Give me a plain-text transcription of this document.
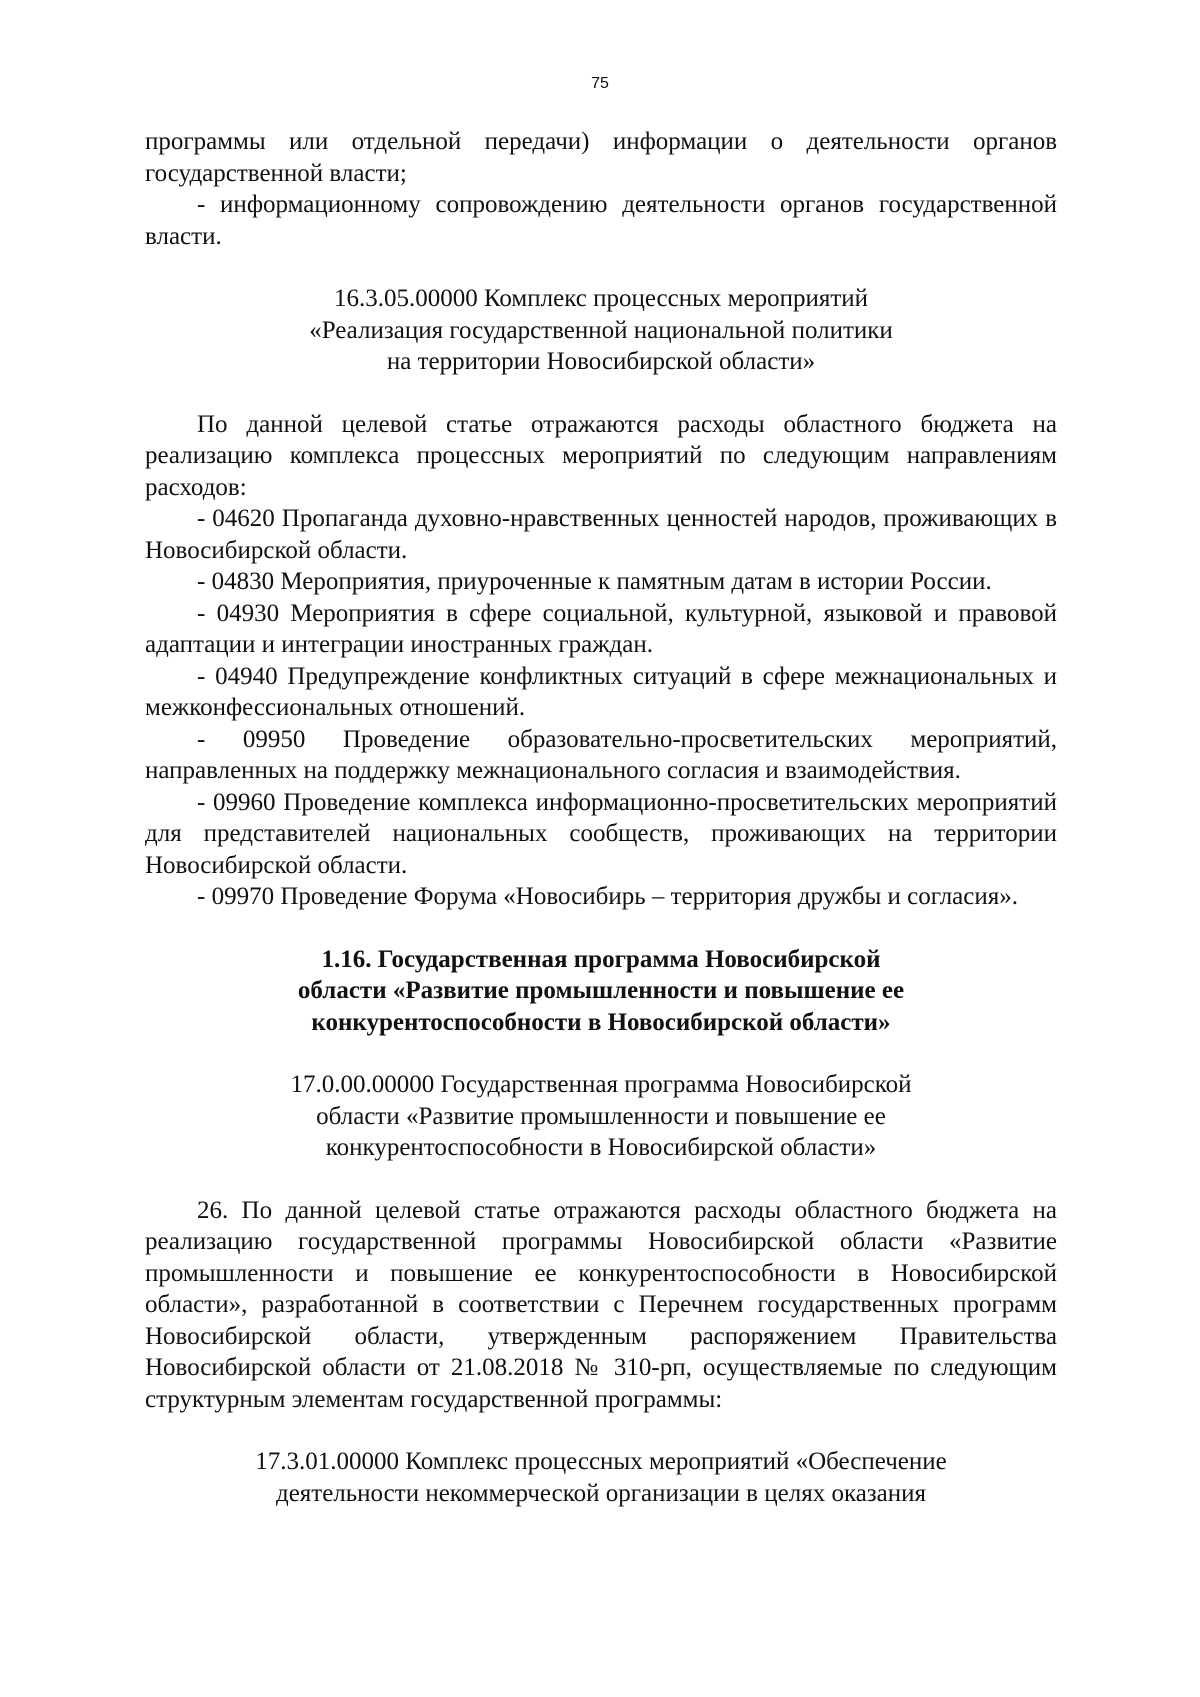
75

программы или отдельной передачи) информации о деятельности органов государственной власти;

- информационному сопровождению деятельности органов государственной власти.

16.3.05.00000 Комплекс процессных мероприятий
«Реализация государственной национальной политики
на территории Новосибирской области»

По данной целевой статье отражаются расходы областного бюджета на реализацию комплекса процессных мероприятий по следующим направлениям расходов:

- 04620 Пропаганда духовно-нравственных ценностей народов, проживающих в Новосибирской области.

- 04830 Мероприятия, приуроченные к памятным датам в истории России.

- 04930 Мероприятия в сфере социальной, культурной, языковой и правовой адаптации и интеграции иностранных граждан.

- 04940 Предупреждение конфликтных ситуаций в сфере межнациональных и межконфессиональных отношений.

- 09950 Проведение образовательно-просветительских мероприятий, направленных на поддержку межнационального согласия и взаимодействия.

- 09960 Проведение комплекса информационно-просветительских мероприятий для представителей национальных сообществ, проживающих на территории Новосибирской области.

- 09970 Проведение Форума «Новосибирь – территория дружбы и согласия».

1.16. Государственная программа Новосибирской
области «Развитие промышленности и повышение ее
конкурентоспособности в Новосибирской области»
17.0.00.00000 Государственная программа Новосибирской
области «Развитие промышленности и повышение ее
конкурентоспособности в Новосибирской области»

26. По данной целевой статье отражаются расходы областного бюджета на реализацию государственной программы Новосибирской области «Развитие промышленности и повышение ее конкурентоспособности в Новосибирской области», разработанной в соответствии с Перечнем государственных программ Новосибирской области, утвержденным распоряжением Правительства Новосибирской области от 21.08.2018 № 310-рп, осуществляемые по следующим структурным элементам государственной программы:

17.3.01.00000 Комплекс процессных мероприятий «Обеспечение
деятельности некоммерческой организации в целях оказания
